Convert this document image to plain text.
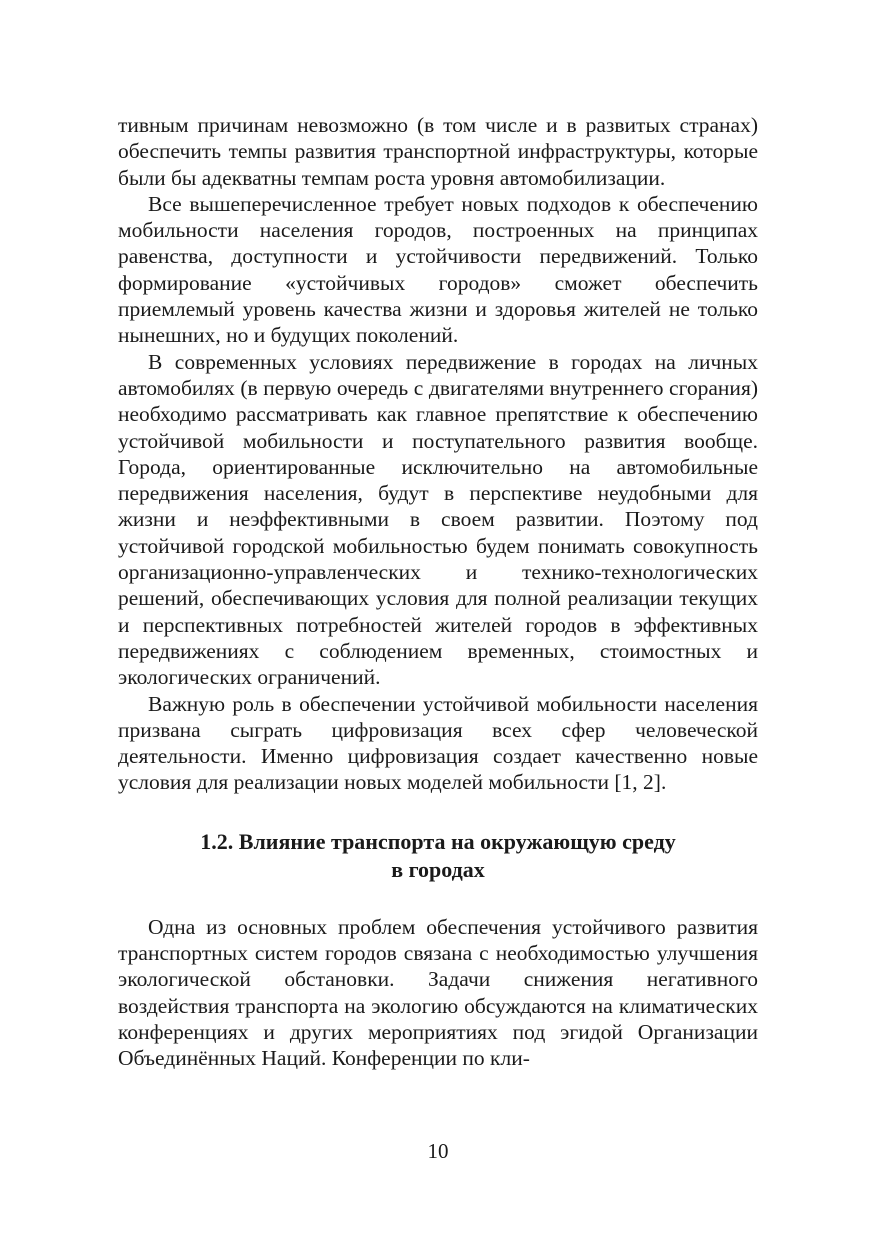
тивным причинам невозможно (в том числе и в развитых странах) обеспечить темпы развития транспортной инфраструктуры, которые были бы адекватны темпам роста уровня автомобилизации.

Все вышеперечисленное требует новых подходов к обеспечению мобильности населения городов, построенных на принципах равенства, доступности и устойчивости передвижений. Только формирование «устойчивых городов» сможет обеспечить приемлемый уровень качества жизни и здоровья жителей не только нынешних, но и будущих поколений.

В современных условиях передвижение в городах на личных автомобилях (в первую очередь с двигателями внутреннего сгорания) необходимо рассматривать как главное препятствие к обеспечению устойчивой мобильности и поступательного развития вообще. Города, ориентированные исключительно на автомобильные передвижения населения, будут в перспективе неудобными для жизни и неэффективными в своем развитии. Поэтому под устойчивой городской мобильностью будем понимать совокупность организационно-управленческих и технико-технологических решений, обеспечивающих условия для полной реализации текущих и перспективных потребностей жителей городов в эффективных передвижениях с соблюдением временных, стоимостных и экологических ограничений.

Важную роль в обеспечении устойчивой мобильности населения призвана сыграть цифровизация всех сфер человеческой деятельности. Именно цифровизация создает качественно новые условия для реализации новых моделей мобильности [1, 2].

1.2. Влияние транспорта на окружающую среду
в городах

Одна из основных проблем обеспечения устойчивого развития транспортных систем городов связана с необходимостью улучшения экологической обстановки. Задачи снижения негативного воздействия транспорта на экологию обсуждаются на климатических конференциях и других мероприятиях под эгидой Организации Объединённых Наций. Конференции по кли-

10
